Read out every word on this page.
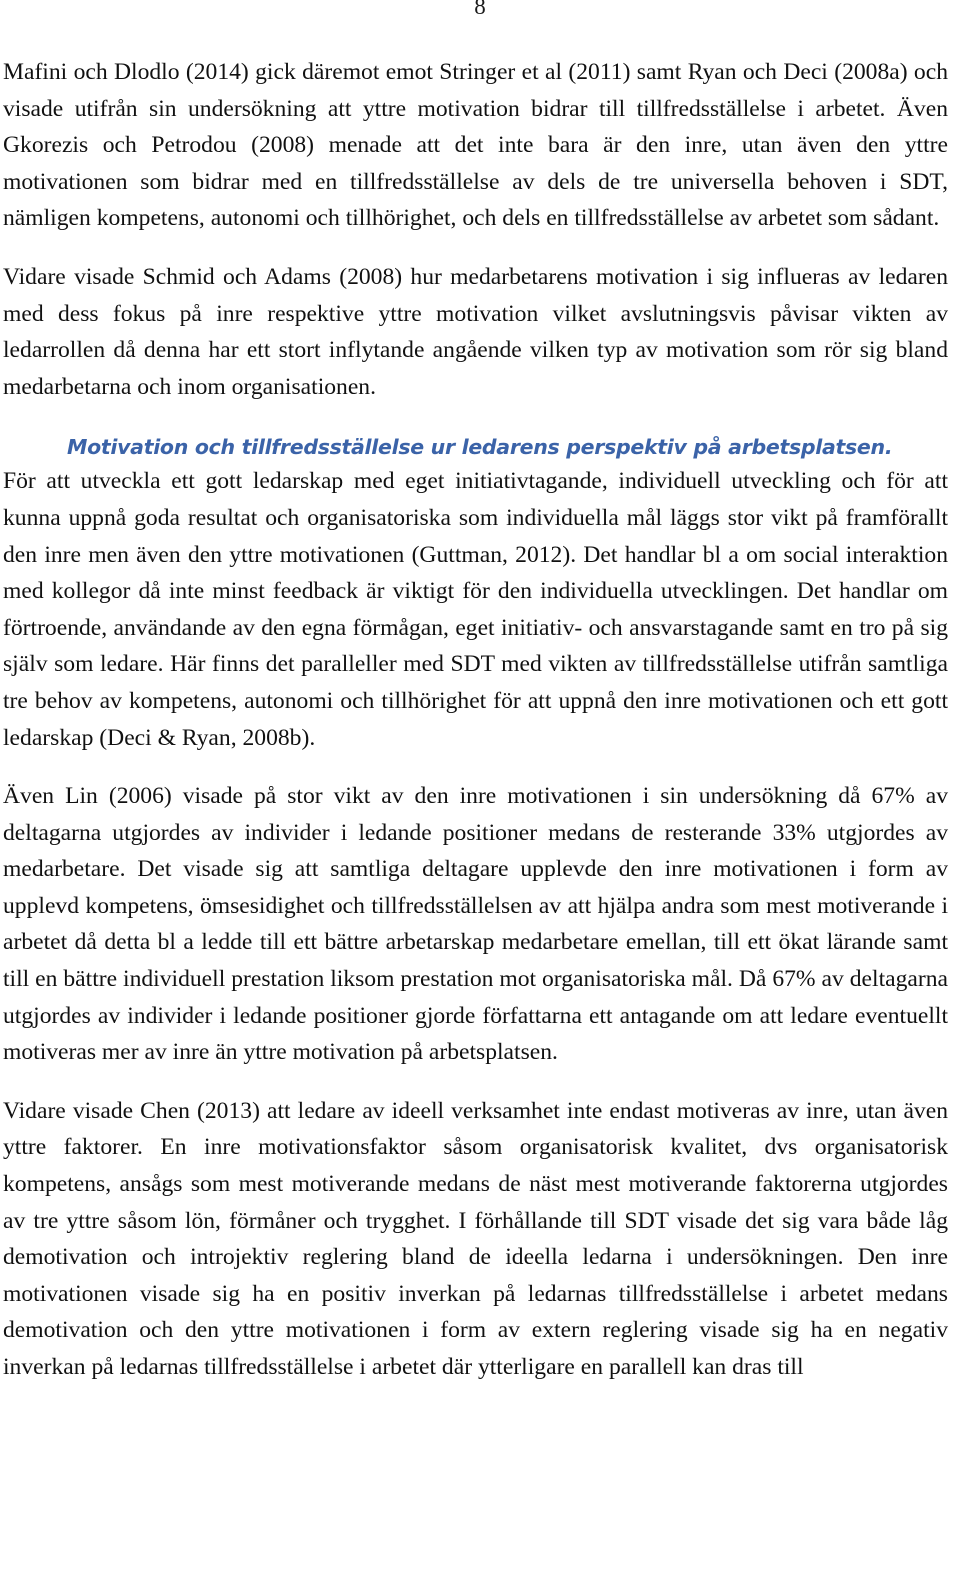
8

Mafini och Dlodlo (2014) gick däremot emot Stringer et al (2011) samt Ryan och Deci (2008a) och visade utifrån sin undersökning att yttre motivation bidrar till tillfredsställelse i arbetet. Även Gkorezis och Petrodou (2008) menade att det inte bara är den inre, utan även den yttre motivationen som bidrar med en tillfredsställelse av dels de tre universella behoven i SDT, nämligen kompetens, autonomi och tillhörighet, och dels en tillfredsställelse av arbetet som sådant.

Vidare visade Schmid och Adams (2008) hur medarbetarens motivation i sig influeras av ledaren med dess fokus på inre respektive yttre motivation vilket avslutningsvis påvisar vikten av ledarrollen då denna har ett stort inflytande angående vilken typ av motivation som rör sig bland medarbetarna och inom organisationen.

Motivation och tillfredsställelse ur ledarens perspektiv på arbetsplatsen.

För att utveckla ett gott ledarskap med eget initiativtagande, individuell utveckling och för att kunna uppnå goda resultat och organisatoriska som individuella mål läggs stor vikt på framförallt den inre men även den yttre motivationen (Guttman, 2012). Det handlar bl a om social interaktion med kollegor då inte minst feedback är viktigt för den individuella utvecklingen. Det handlar om förtroende, användande av den egna förmågan, eget initiativ- och ansvarstagande samt en tro på sig själv som ledare. Här finns det paralleller med SDT med vikten av tillfredsställelse utifrån samtliga tre behov av kompetens, autonomi och tillhörighet för att uppnå den inre motivationen och ett gott ledarskap (Deci & Ryan, 2008b).

Även Lin (2006) visade på stor vikt av den inre motivationen i sin undersökning då 67% av deltagarna utgjordes av individer i ledande positioner medans de resterande 33% utgjordes av medarbetare. Det visade sig att samtliga deltagare upplevde den inre motivationen i form av upplevd kompetens, ömsesidighet och tillfredsställelsen av att hjälpa andra som mest motiverande i arbetet då detta bl a ledde till ett bättre arbetarskap medarbetare emellan, till ett ökat lärande samt till en bättre individuell prestation liksom prestation mot organisatoriska mål. Då 67% av deltagarna utgjordes av individer i ledande positioner gjorde författarna ett antagande om att ledare eventuellt motiveras mer av inre än yttre motivation på arbetsplatsen.

Vidare visade Chen (2013) att ledare av ideell verksamhet inte endast motiveras av inre, utan även yttre faktorer. En inre motivationsfaktor såsom organisatorisk kvalitet, dvs organisatorisk kompetens, ansågs som mest motiverande medans de näst mest motiverande faktorerna utgjordes av tre yttre såsom lön, förmåner och trygghet. I förhållande till SDT visade det sig vara både låg demotivation och introjektiv reglering bland de ideella ledarna i undersökningen. Den inre motivationen visade sig ha en positiv inverkan på ledarnas tillfredsställelse i arbetet medans demotivation och den yttre motivationen i form av extern reglering visade sig ha en negativ inverkan på ledarnas tillfredsställelse i arbetet där ytterligare en parallell kan dras till
